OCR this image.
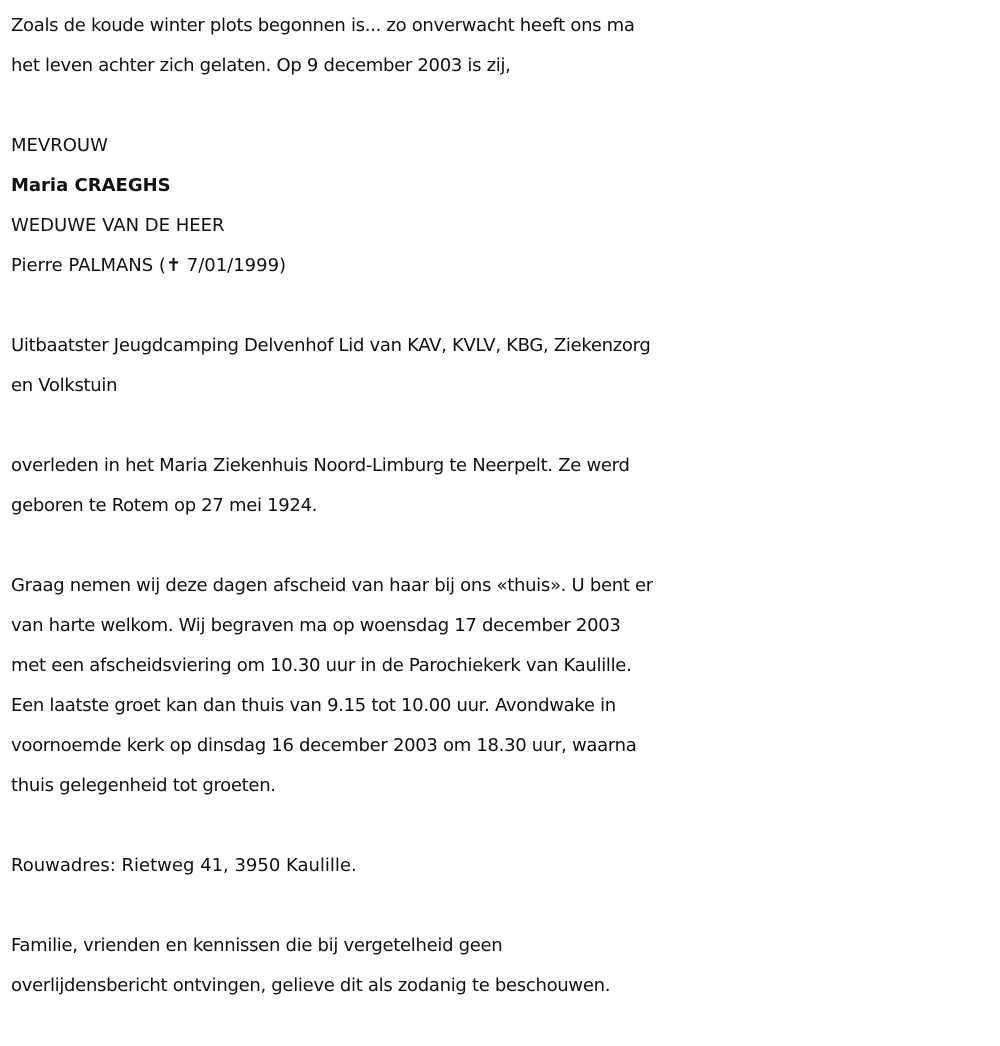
Zoals de koude winter plots begonnen is... zo onverwacht heeft ons ma
het leven achter zich gelaten. Op 9 december 2003 is zij,
MEVROUW
Maria CRAEGHS
WEDUWE VAN DE HEER
Pierre PALMANS (✝ 7/01/1999)
Uitbaatster Jeugdcamping Delvenhof Lid van KAV, KVLV, KBG, Ziekenzorg
en Volkstuin
overleden in het Maria Ziekenhuis Noord-Limburg te Neerpelt. Ze werd
geboren te Rotem op 27 mei 1924.
Graag nemen wij deze dagen afscheid van haar bij ons «thuis». U bent er
van harte welkom. Wij begraven ma op woensdag 17 december 2003
met een afscheidsviering om 10.30 uur in de Parochiekerk van Kaulille.
Een laatste groet kan dan thuis van 9.15 tot 10.00 uur. Avondwake in
voornoemde kerk op dinsdag 16 december 2003 om 18.30 uur, waarna
thuis gelegenheid tot groeten.
Rouwadres: Rietweg 41, 3950 Kaulille.
Familie, vrienden en kennissen die bij vergetelheid geen
overlijdensbericht ontvingen, gelieve dit als zodanig te beschouwen.
